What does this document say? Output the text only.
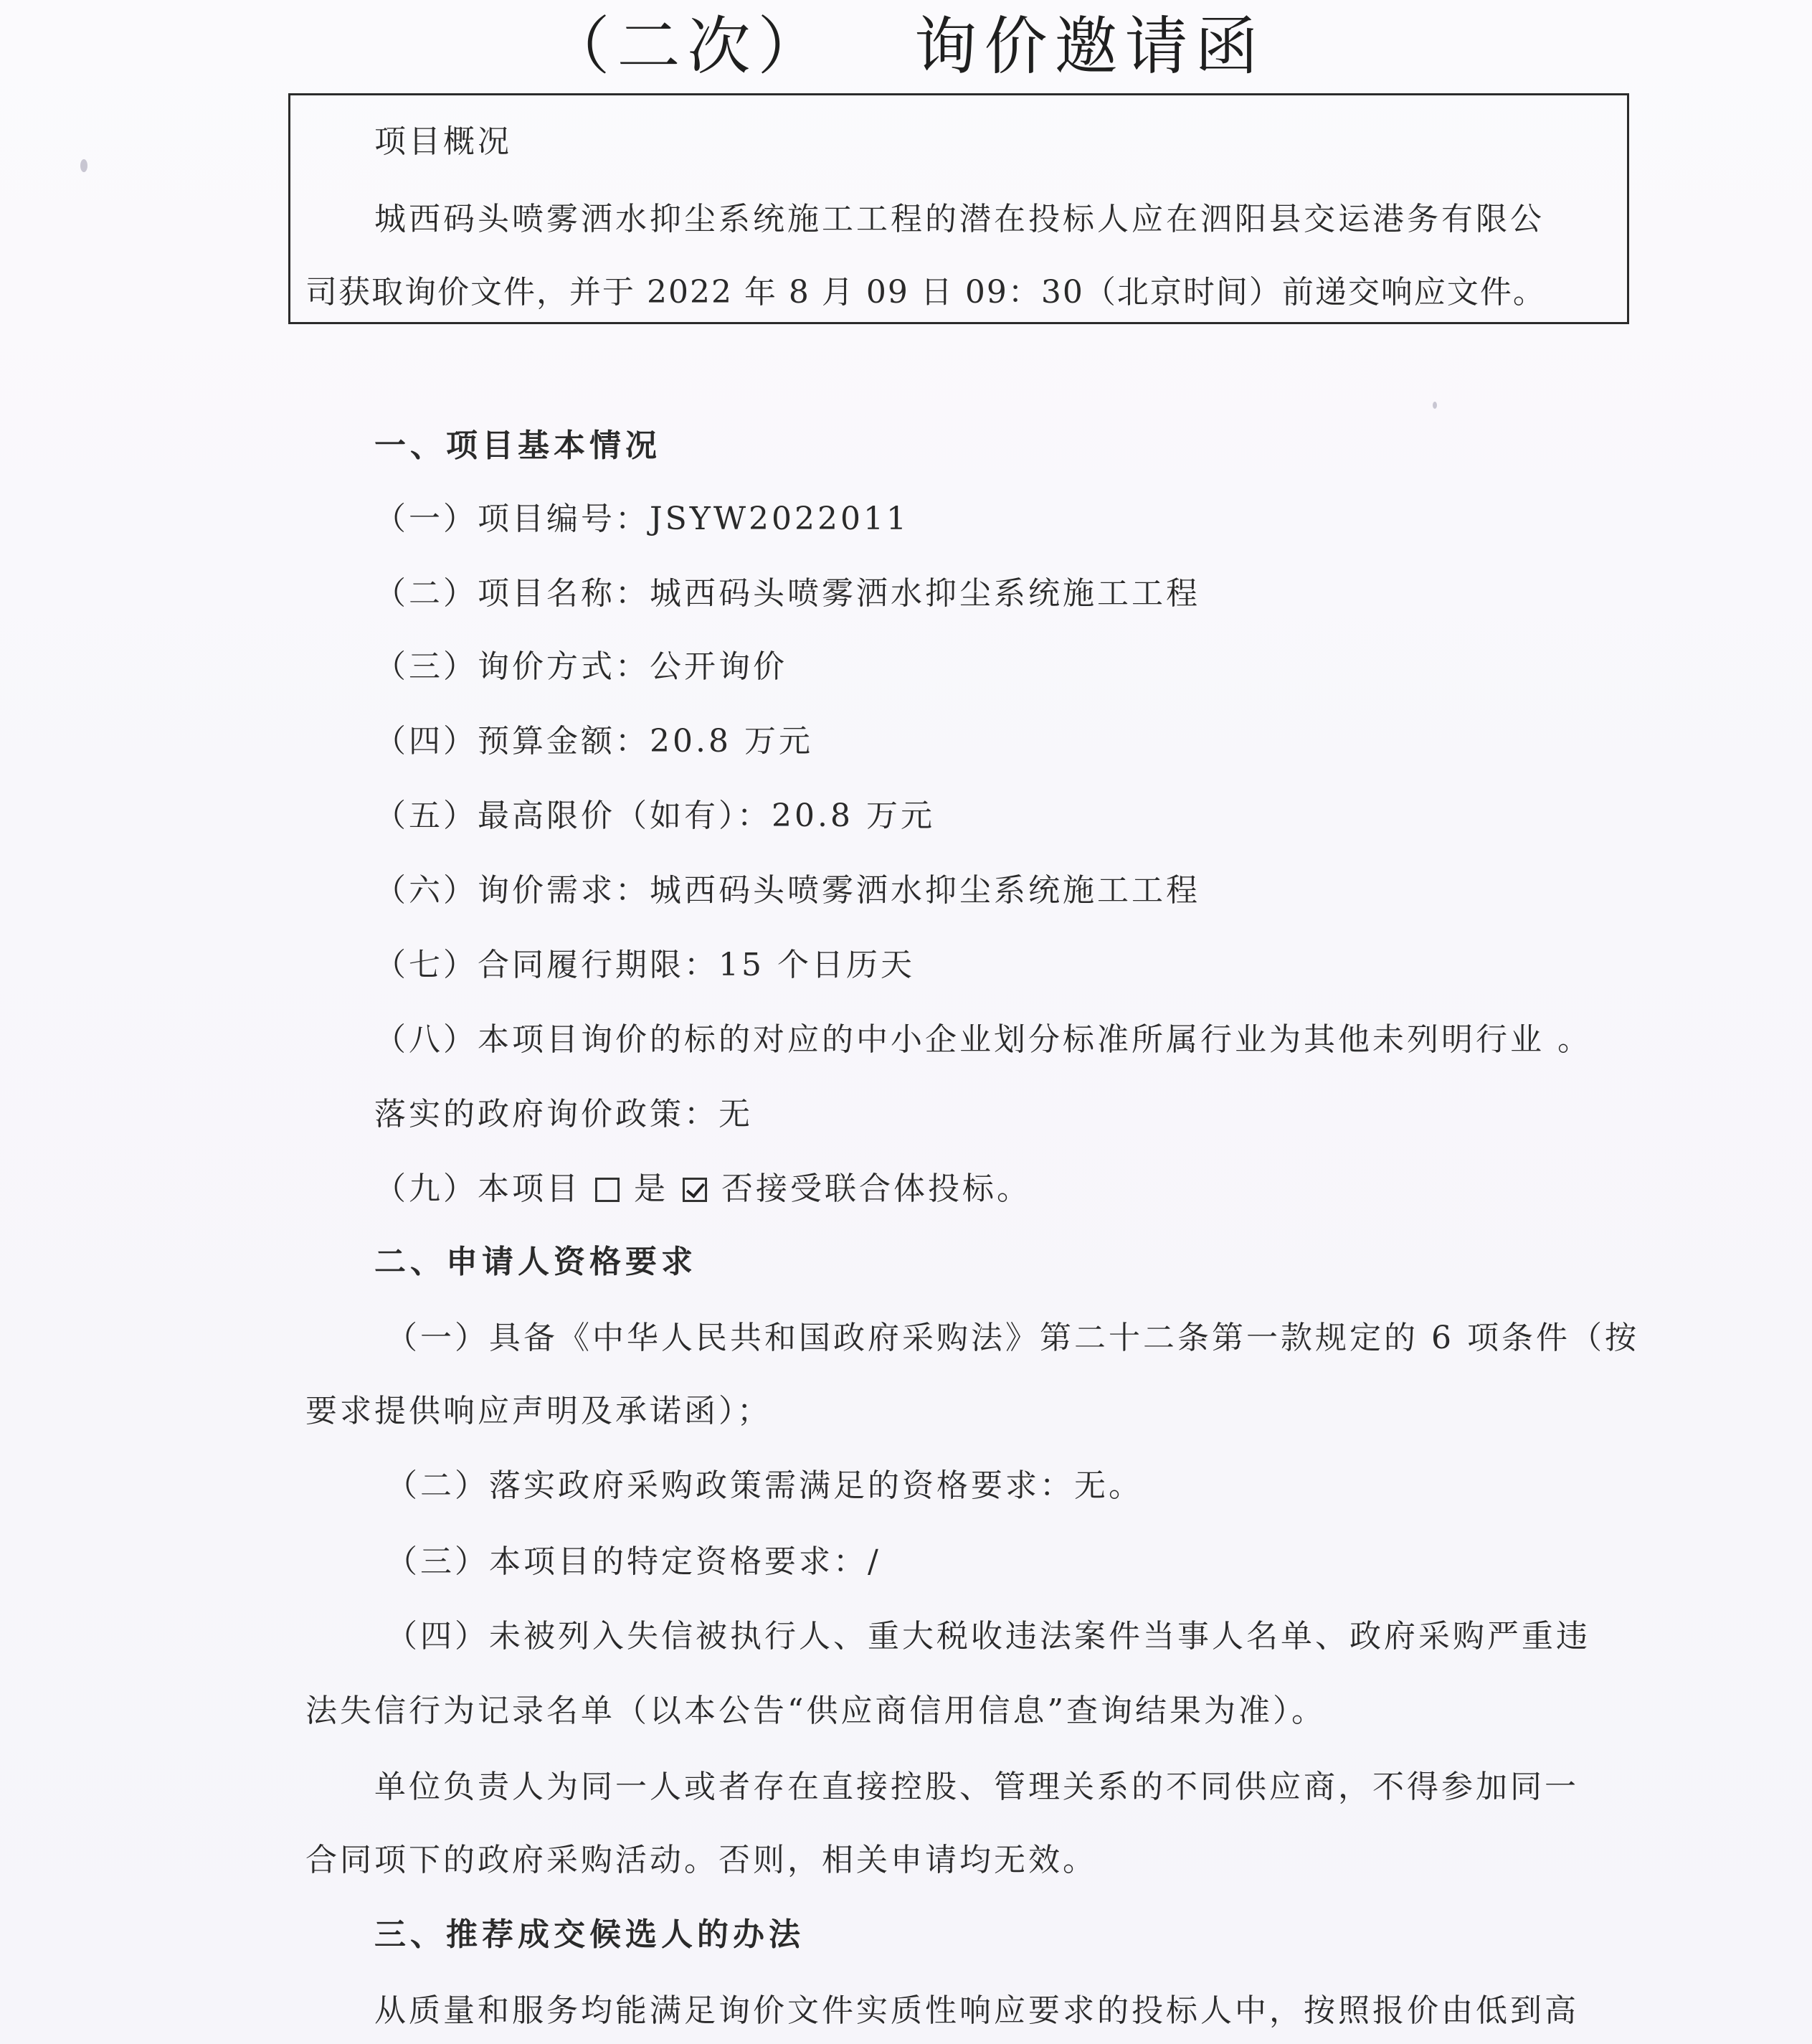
（二次） 询价邀请函
项目概况
城西码头喷雾洒水抑尘系统施工工程的潜在投标人应在泗阳县交运港务有限公
司获取询价文件，并于 2022 年 8 月 09 日 09：30（北京时间）前递交响应文件。
一、项目基本情况
（一）项目编号：JSYW2022011
（二）项目名称：城西码头喷雾洒水抑尘系统施工工程
（三）询价方式：公开询价
（四）预算金额：20.8 万元
（五）最高限价（如有）：20.8 万元
（六）询价需求：城西码头喷雾洒水抑尘系统施工工程
（七）合同履行期限：15 个日历天
（八）本项目询价的标的对应的中小企业划分标准所属行业为其他未列明行业 。
落实的政府询价政策：无
（九）本项目 是 否接受联合体投标。
二、申请人资格要求
（一）具备《中华人民共和国政府采购法》第二十二条第一款规定的 6 项条件（按
要求提供响应声明及承诺函）；
（二）落实政府采购政策需满足的资格要求：无。
（三）本项目的特定资格要求：/
（四）未被列入失信被执行人、重大税收违法案件当事人名单、政府采购严重违
法失信行为记录名单（以本公告“供应商信用信息”查询结果为准）。
单位负责人为同一人或者存在直接控股、管理关系的不同供应商，不得参加同一
合同项下的政府采购活动。否则，相关申请均无效。
三、推荐成交候选人的办法
从质量和服务均能满足询价文件实质性响应要求的投标人中，按照报价由低到高
